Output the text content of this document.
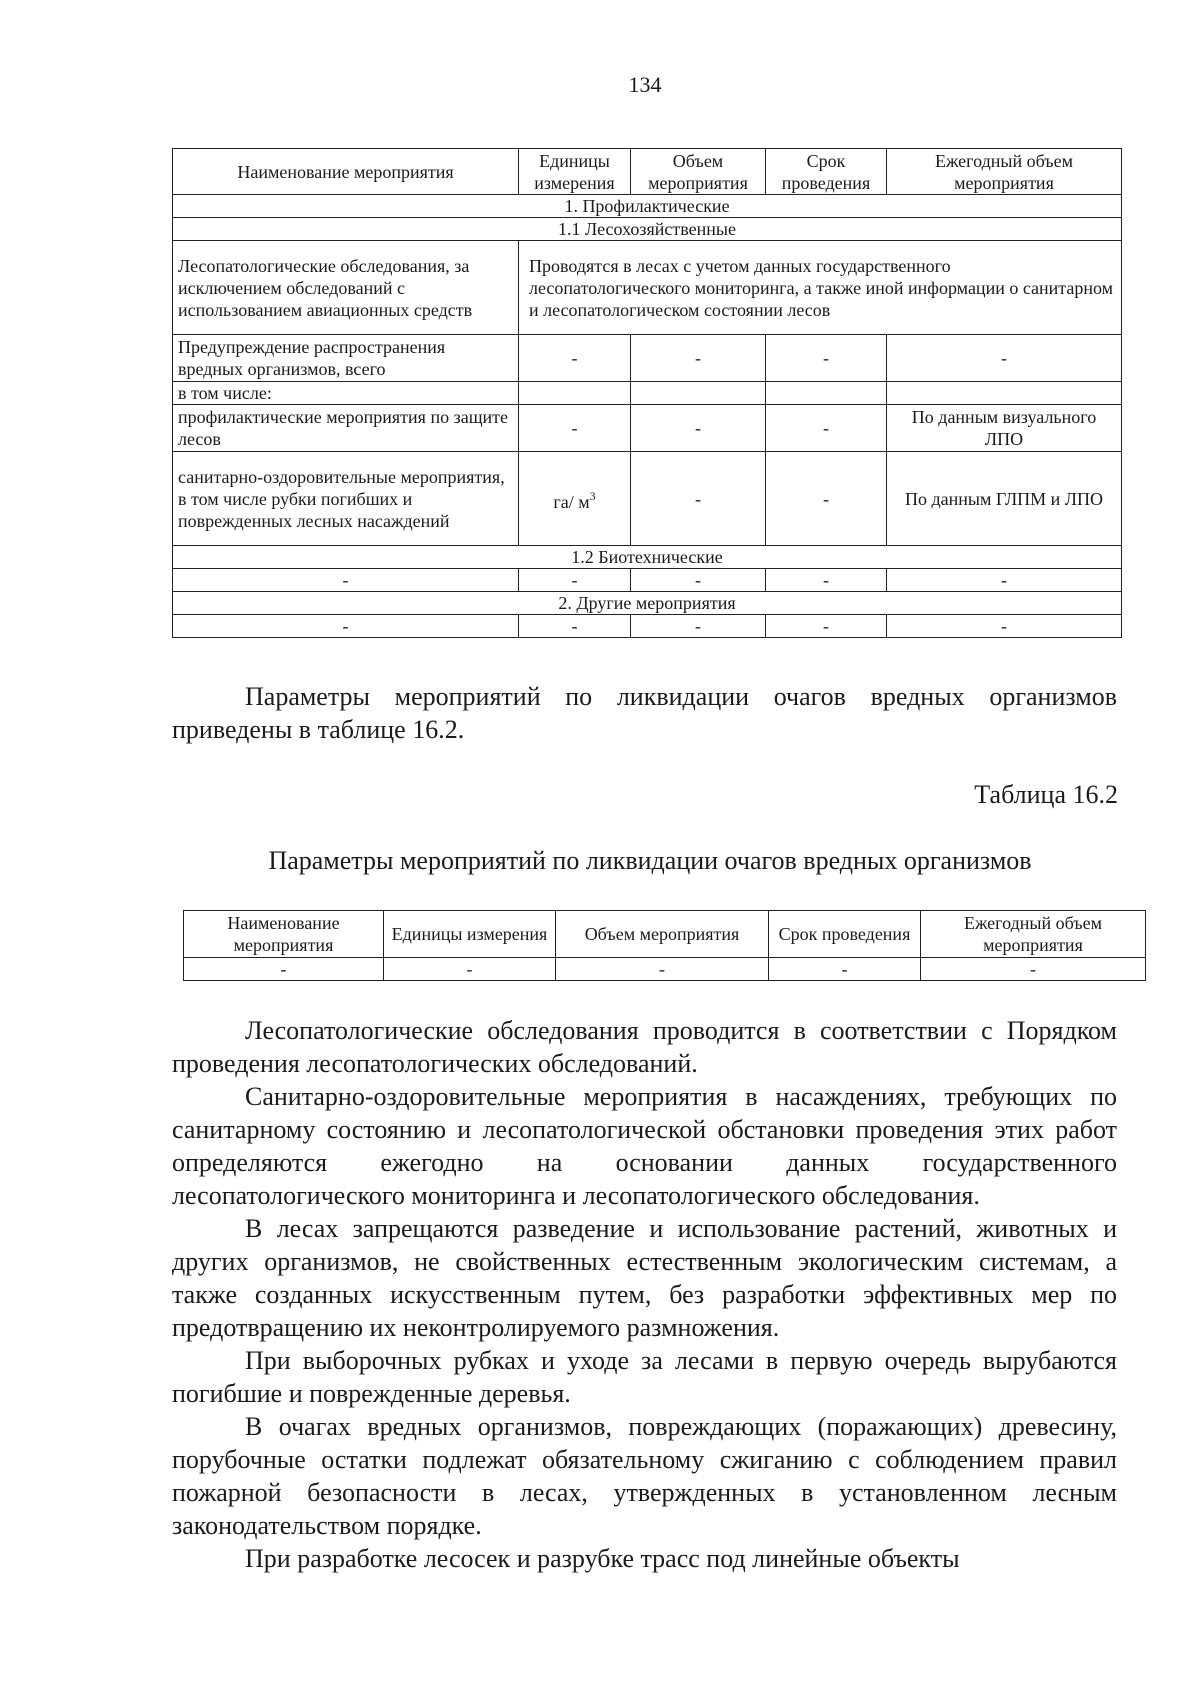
134
Наименование мероприятия	Единицы измерения	Объем мероприятия	Срок проведения	Ежегодный объем мероприятия
1. Профилактические				
1.1 Лесохозяйственные				
Лесопатологические обследования, за исключением обследований с использованием авиационных средств	Проводятся в лесах с учетом данных государственного лесопатологического мониторинга, а также иной информации о санитарном и лесопатологическом состоянии лесов			
Предупреждение распространения вредных организмов, всего	-	-	-	-
в том числе:				
профилактические мероприятия по защите лесов	-	-	-	По данным визуального ЛПО
санитарно-оздоровительные мероприятия, в том числе рубки погибших и поврежденных лесных насаждений	га/ $м^3$	-	-	По данным ГЛПМ и ЛПО
1.2 Биотехнические				
-	-	-	-	-
2. Другие мероприятия				
-	-	-	-	-

Параметры мероприятий по ликвидации очагов вредных организмов приведены в таблице 16.2.

Таблица 16.2
Параметры мероприятий по ликвидации очагов вредных организмов
Наименование мероприятия	Единицы измерения	Объем мероприятия	Срок проведения	Ежегодный объем мероприятия
-	-	-	-	-

Лесопатологические обследования проводится в соответствии с Порядком проведения лесопатологических обследований.

Санитарно-оздоровительные мероприятия в насаждениях, требующих по санитарному состоянию и лесопатологической обстановки проведения этих работ определяются ежегодно на основании данных государственного лесопатологического мониторинга и лесопатологического обследования.

В лесах запрещаются разведение и использование растений, животных и других организмов, не свойственных естественным экологическим системам, а также созданных искусственным путем, без разработки эффективных мер по предотвращению их неконтролируемого размножения.

При выборочных рубках и уходе за лесами в первую очередь вырубаются погибшие и поврежденные деревья.

В очагах вредных организмов, повреждающих (поражающих) древесину, порубочные остатки подлежат обязательному сжиганию с соблюдением правил пожарной безопасности в лесах, утвержденных в установленном лесным законодательством порядке.

При разработке лесосек и разрубке трасс под линейные объекты
